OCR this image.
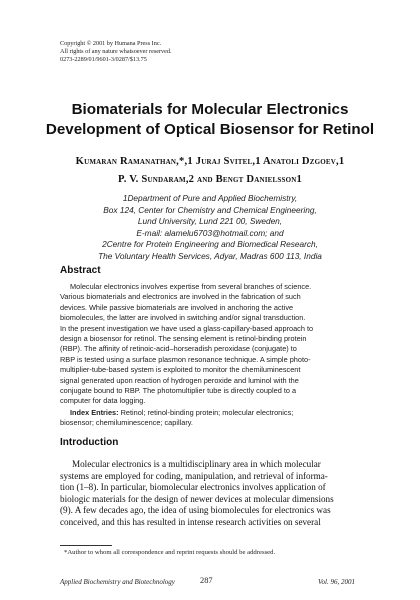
Copyright © 2001 by Humana Press Inc.
All rights of any nature whatsoever reserved.
0273-2289/01/9601-3/0287/$13.75
Biomaterials for Molecular Electronics
Development of Optical Biosensor for Retinol
Kumaran Ramanathan,*,1 Juraj Svitel,1 Anatoli Dzgoev,1
P. V. Sundaram,2 and Bengt Danielsson1
1Department of Pure and Applied Biochemistry,
Box 124, Center for Chemistry and Chemical Engineering,
Lund University, Lund 221 00, Sweden,
E-mail: alamelu6703@hotmail.com; and
2Centre for Protein Engineering and Biomedical Research,
The Voluntary Health Services, Adyar, Madras 600 113, India
Abstract
Molecular electronics involves expertise from several branches of science.
Various biomaterials and electronics are involved in the fabrication of such
devices. While passive biomaterials are involved in anchoring the active
biomolecules, the latter are involved in switching and/or signal transduction.
In the present investigation we have used a glass-capillary-based approach to
design a biosensor for retinol. The sensing element is retinol-binding protein
(RBP). The affinity of retinoic-acid–horseradish peroxidase (conjugate) to
RBP is tested using a surface plasmon resonance technique. A simple photo-
multiplier-tube-based system is exploited to monitor the chemiluminescent
signal generated upon reaction of hydrogen peroxide and luminol with the
conjugate bound to RBP. The photomultiplier tube is directly coupled to a
computer for data logging.
Index Entries: Retinol; retinol-binding protein; molecular electronics;
biosensor; chemiluminescence; capillary.
Introduction
Molecular electronics is a multidisciplinary area in which molecular
systems are employed for coding, manipulation, and retrieval of informa-
tion (1–8). In particular, biomolecular electronics involves application of
biologic materials for the design of newer devices at molecular dimensions
(9). A few decades ago, the idea of using biomolecules for electronics was
conceived, and this has resulted in intense research activities on several
*Author to whom all correspondence and reprint requests should be addressed.
Applied Biochemistry and Biotechnology	287	Vol. 96, 2001
